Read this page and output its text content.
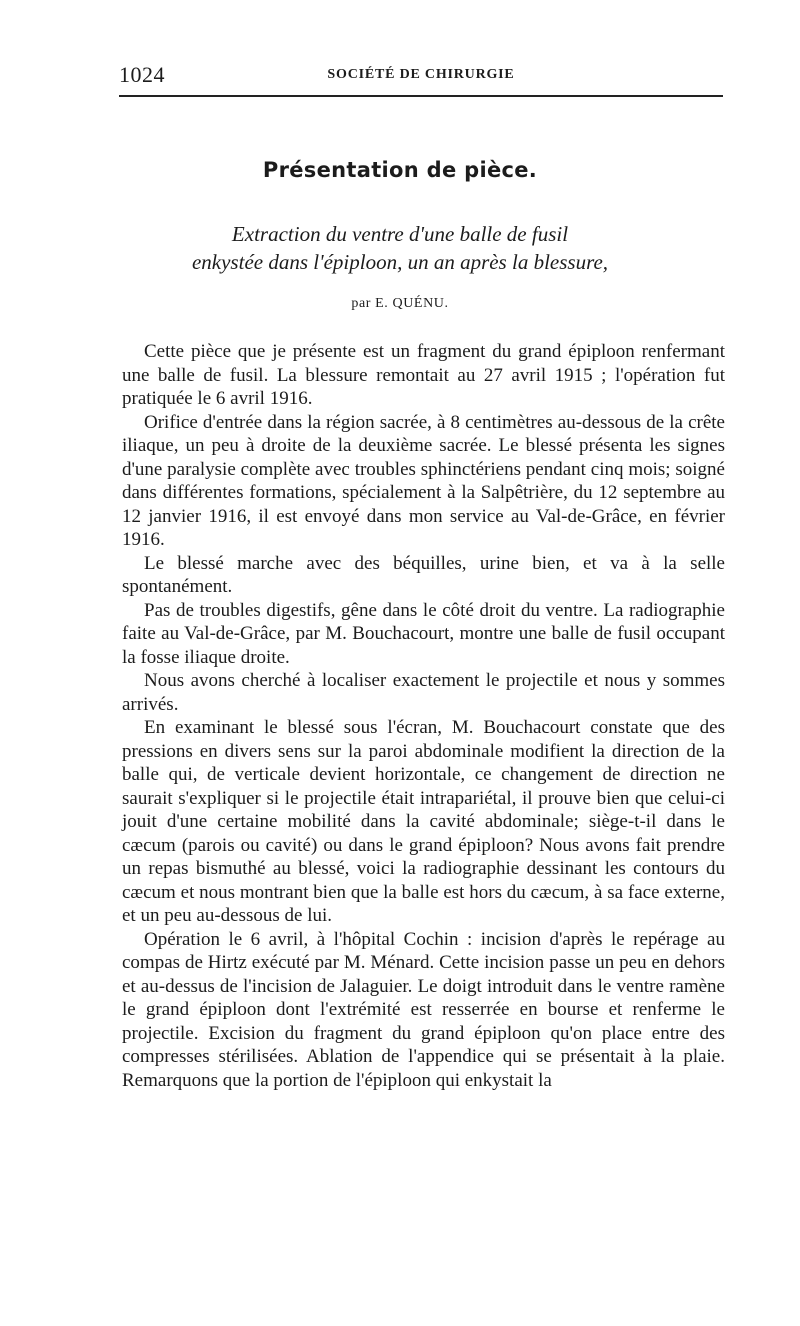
1024	SOCIÉTÉ DE CHIRURGIE
Présentation de pièce.
Extraction du ventre d'une balle de fusil
enkystée dans l'épiploon, un an après la blessure,
par E. QUÉNU.

Cette pièce que je présente est un fragment du grand épiploon renfermant une balle de fusil. La blessure remontait au 27 avril 1915 ; l'opération fut pratiquée le 6 avril 1916.

Orifice d'entrée dans la région sacrée, à 8 centimètres au-dessous de la crête iliaque, un peu à droite de la deuxième sacrée. Le blessé présenta les signes d'une paralysie complète avec troubles sphinctériens pendant cinq mois; soigné dans différentes formations, spécialement à la Salpêtrière, du 12 septembre au 12 janvier 1916, il est envoyé dans mon service au Val-de-Grâce, en février 1916.

Le blessé marche avec des béquilles, urine bien, et va à la selle spontanément.

Pas de troubles digestifs, gêne dans le côté droit du ventre. La radiographie faite au Val-de-Grâce, par M. Bouchacourt, montre une balle de fusil occupant la fosse iliaque droite.

Nous avons cherché à localiser exactement le projectile et nous y sommes arrivés.

En examinant le blessé sous l'écran, M. Bouchacourt constate que des pressions en divers sens sur la paroi abdominale modifient la direction de la balle qui, de verticale devient horizontale, ce changement de direction ne saurait s'expliquer si le projectile était intrapariétal, il prouve bien que celui-ci jouit d'une certaine mobilité dans la cavité abdominale; siège-t-il dans le cæcum (parois ou cavité) ou dans le grand épiploon? Nous avons fait prendre un repas bismuthé au blessé, voici la radiographie dessinant les contours du cæcum et nous montrant bien que la balle est hors du cæcum, à sa face externe, et un peu au-dessous de lui.

Opération le 6 avril, à l'hôpital Cochin : incision d'après le repérage au compas de Hirtz exécuté par M. Ménard. Cette incision passe un peu en dehors et au-dessus de l'incision de Jalaguier. Le doigt introduit dans le ventre ramène le grand épiploon dont l'extrémité est resserrée en bourse et renferme le projectile. Excision du fragment du grand épiploon qu'on place entre des compresses stérilisées. Ablation de l'appendice qui se présentait à la plaie. Remarquons que la portion de l'épiploon qui enkystait la
